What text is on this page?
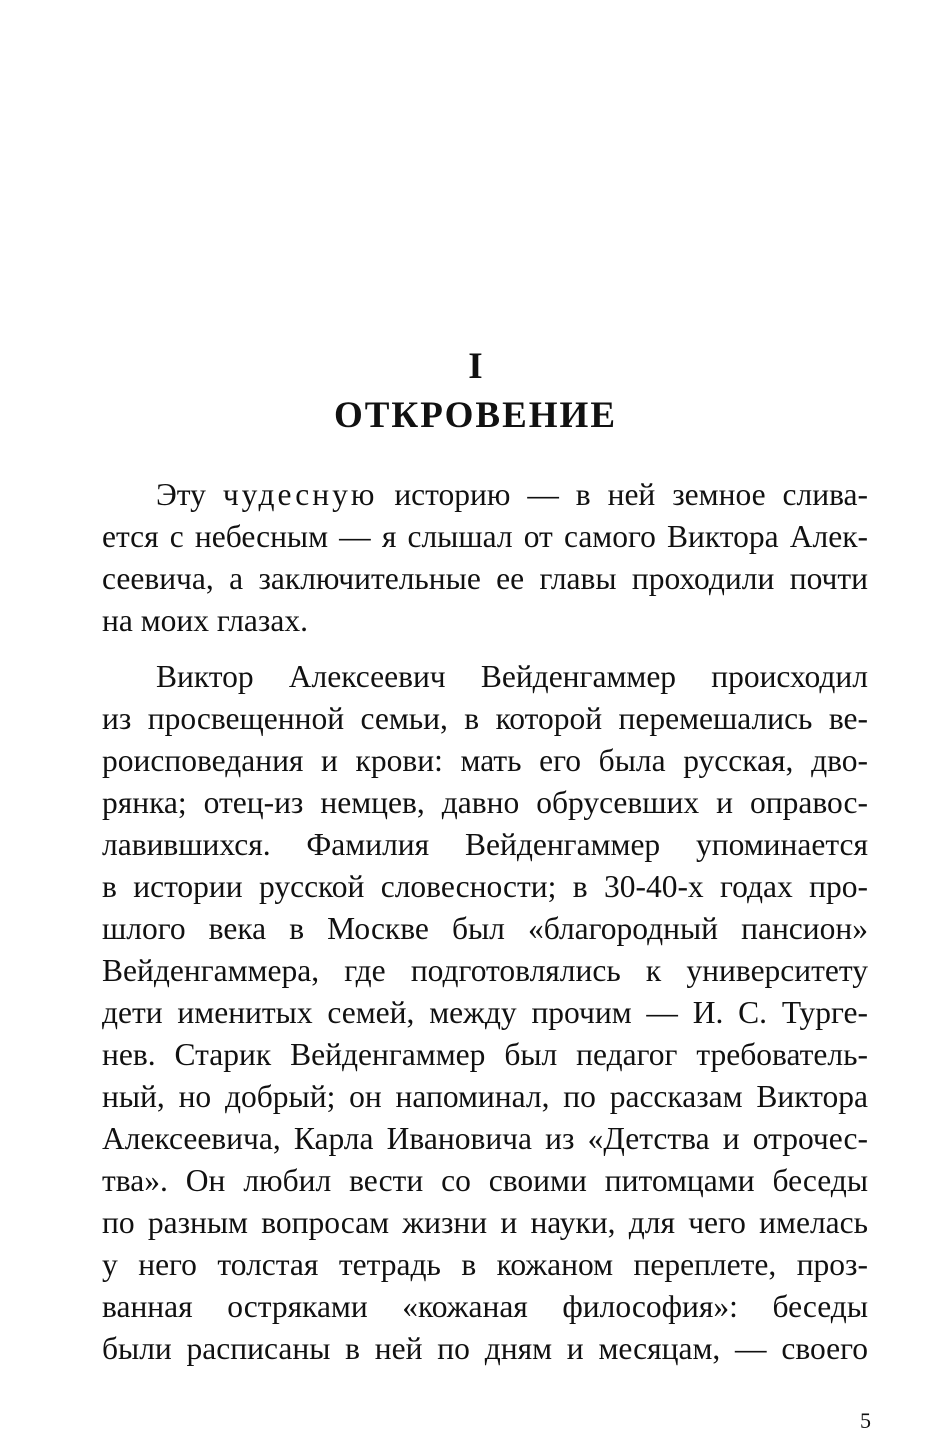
I
ОТКРОВЕНИЕ

Эту чудесную историю — в ней земное слива-
ется с небесным — я слышал от самого Виктора Алек-
сеевича, а заключительные ее главы проходили почти
на моих глазах.

Виктор Алексеевич Вейденгаммер происходил
из просвещенной семьи, в которой перемешались ве-
роисповедания и крови: мать его была русская, дво-
рянка; отец-из немцев, давно обрусевших и оправос-
лавившихся. Фамилия Вейденгаммер упоминается
в истории русской словесности; в 30-40-х годах про-
шлого века в Москве был «благородный пансион»
Вейденгаммера, где подготовлялись к университету
дети именитых семей, между прочим — И. С. Турге-
нев. Старик Вейденгаммер был педагог требователь-
ный, но добрый; он напоминал, по рассказам Виктора
Алексеевича, Карла Ивановича из «Детства и отрочес-
тва». Он любил вести со своими питомцами беседы
по разным вопросам жизни и науки, для чего имелась
у него толстая тетрадь в кожаном переплете, проз-
ванная остряками «кожаная философия»: беседы
были расписаны в ней по дням и месяцам, — своего

5
